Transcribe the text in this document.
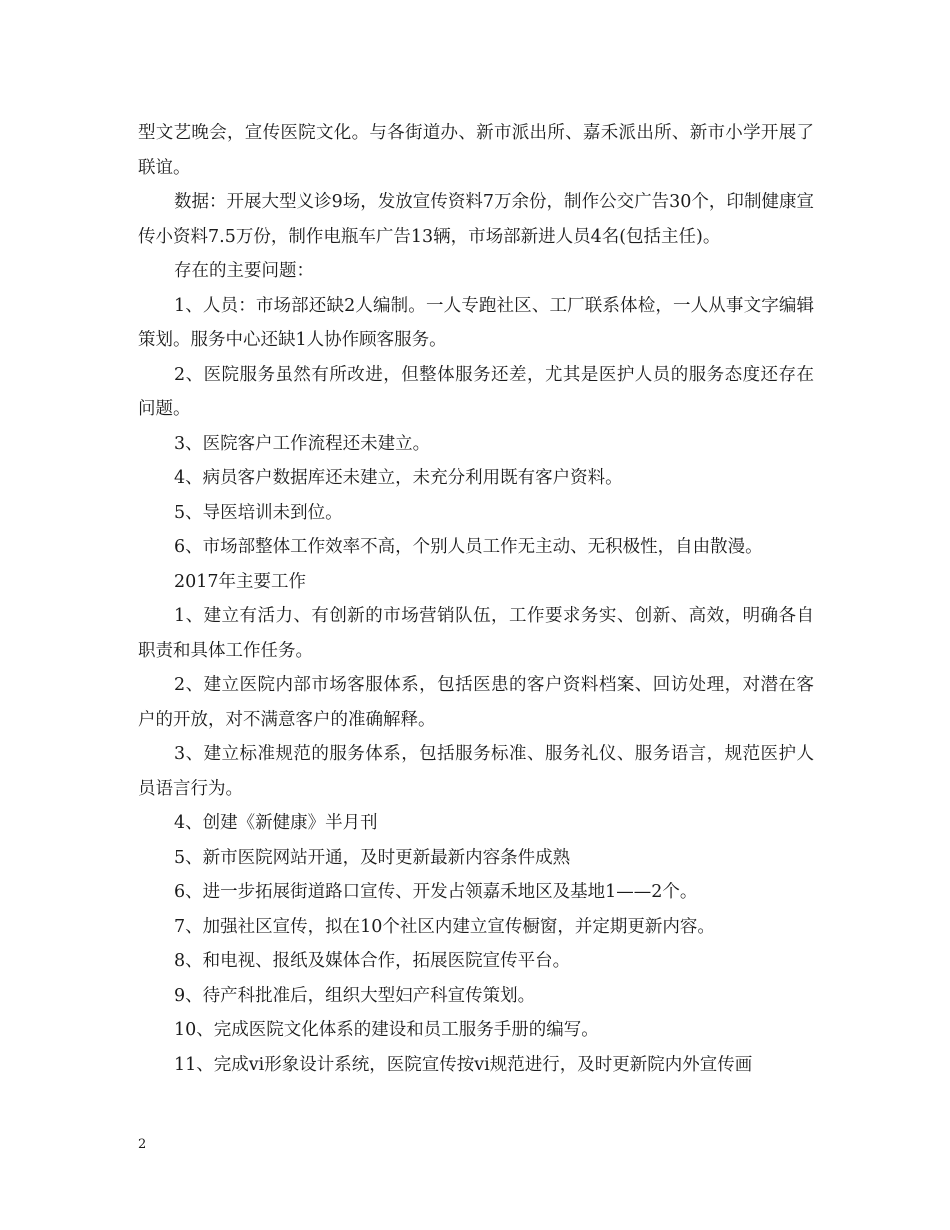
型文艺晚会，宣传医院文化。与各街道办、新市派出所、嘉禾派出所、新市小学开展了联谊。

数据：开展大型义诊9场，发放宣传资料7万余份，制作公交广告30个，印制健康宣传小资料7.5万份，制作电瓶车广告13辆，市场部新进人员4名(包括主任)。

存在的主要问题：

1、人员：市场部还缺2人编制。一人专跑社区、工厂联系体检，一人从事文字编辑策划。服务中心还缺1人协作顾客服务。

2、医院服务虽然有所改进，但整体服务还差，尤其是医护人员的服务态度还存在问题。

3、医院客户工作流程还未建立。

4、病员客户数据库还未建立，未充分利用既有客户资料。

5、导医培训未到位。

6、市场部整体工作效率不高，个别人员工作无主动、无积极性，自由散漫。

2017年主要工作

1、建立有活力、有创新的市场营销队伍，工作要求务实、创新、高效，明确各自职责和具体工作任务。

2、建立医院内部市场客服体系，包括医患的客户资料档案、回访处理，对潜在客户的开放，对不满意客户的准确解释。

3、建立标准规范的服务体系，包括服务标准、服务礼仪、服务语言，规范医护人员语言行为。

4、创建《新健康》半月刊

5、新市医院网站开通，及时更新最新内容条件成熟

6、进一步拓展街道路口宣传、开发占领嘉禾地区及基地1——2个。

7、加强社区宣传，拟在10个社区内建立宣传橱窗，并定期更新内容。

8、和电视、报纸及媒体合作，拓展医院宣传平台。

9、待产科批准后，组织大型妇产科宣传策划。

10、完成医院文化体系的建设和员工服务手册的编写。

11、完成vi形象设计系统，医院宣传按vi规范进行，及时更新院内外宣传画

2
